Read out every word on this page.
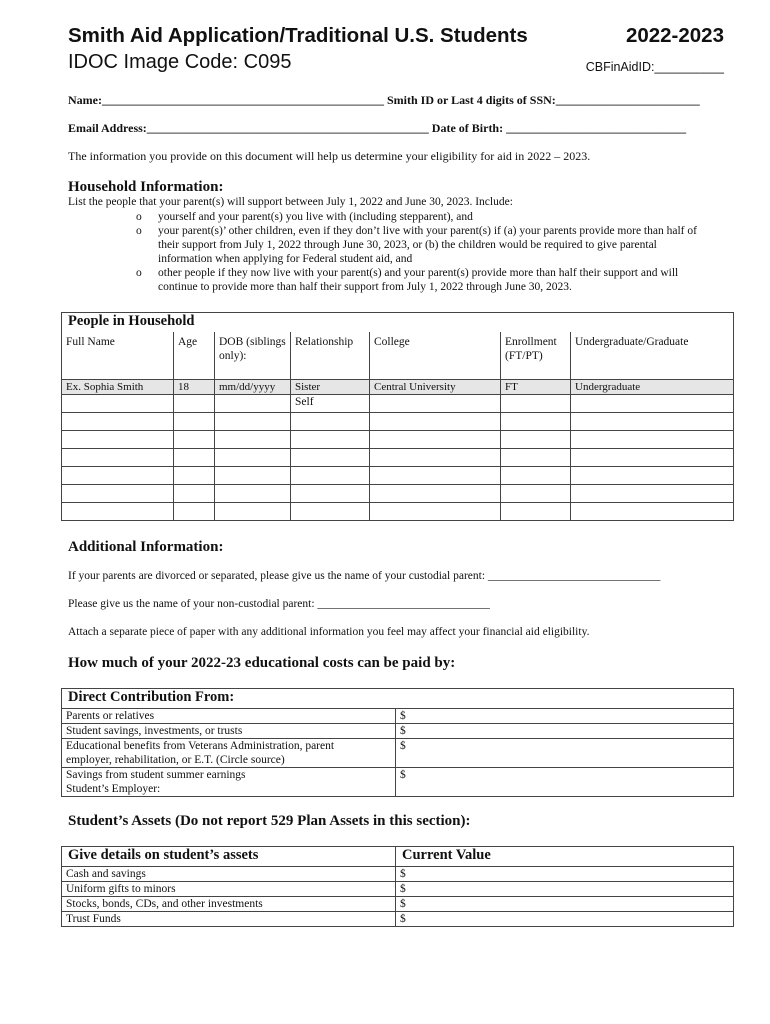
Smith Aid Application/Traditional U.S. Students	2022-2023
IDOC Image Code: C095	CBFinAidID:__________
Name:_______________________________________________ Smith ID or Last 4 digits of SSN:________________________
Email Address:_______________________________________________ Date of Birth: ______________________________
The information you provide on this document will help us determine your eligibility for aid in 2022 – 2023.
Household Information:
List the people that your parent(s) will support between July 1, 2022 and June 30, 2023. Include:
o	yourself and your parent(s) you live with (including stepparent), and
o	your parent(s)’ other children, even if they don’t live with your parent(s) if (a) your parents provide more than half of
their support from July 1, 2022 through June 30, 2023, or (b) the children would be required to give parental
information when applying for Federal student aid, and
o	other people if they now live with your parent(s) and your parent(s) provide more than half their support and will
continue to provide more than half their support from July 1, 2022 through June 30, 2023.
People in Household						
Full Name	Age	DOB (siblings only):	Relationship	College	Enrollment (FT/PT)	Undergraduate/Graduate
Ex. Sophia Smith	18	mm/dd/yyyy	Sister	Central University	FT	Undergraduate
			Self			

Additional Information:
If your parents are divorced or separated, please give us the name of your custodial parent: ______________________________
Please give us the name of your non-custodial parent: ______________________________
Attach a separate piece of paper with any additional information you feel may affect your financial aid eligibility.
How much of your 2022-23 educational costs can be paid by:
Direct Contribution From:	
Parents or relatives	$
Student savings, investments, or trusts	$

Educational benefits from Veterans Administration, parent
employer, rehabilitation, or E.T. (Circle source)	$

Savings from student summer earnings
Student’s Employer:	$
Student’s Assets (Do not report 529 Plan Assets in this section):
Give details on student’s assets	Current Value
Cash and savings	$
Uniform gifts to minors	$
Stocks, bonds, CDs, and other investments	$
Trust Funds	$
